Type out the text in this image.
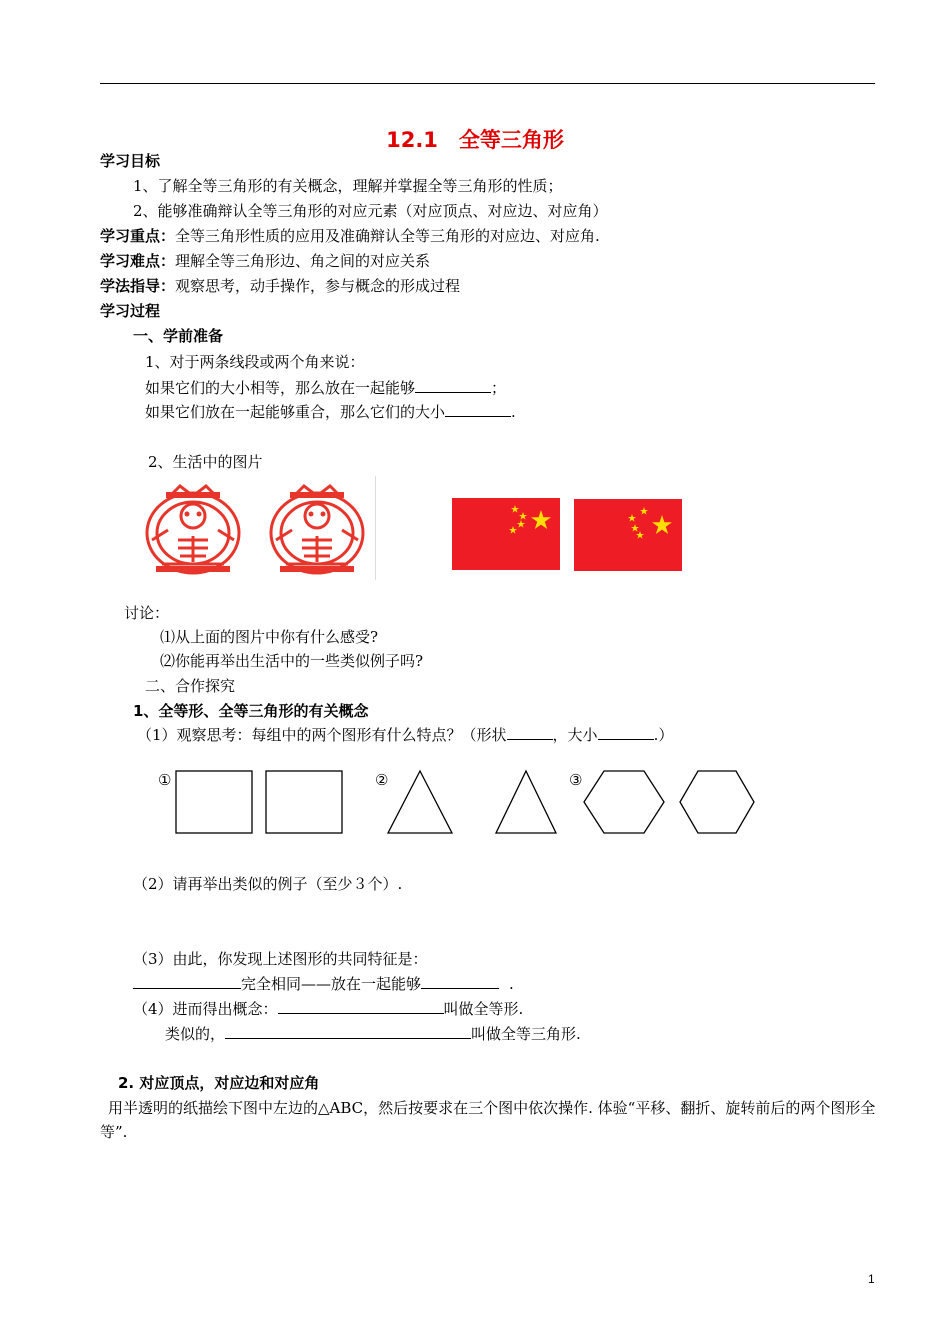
12.1　全等三角形
学习目标
1、了解全等三角形的有关概念，理解并掌握全等三角形的性质；
2、能够准确辩认全等三角形的对应元素（对应顶点、对应边、对应角）
学习重点：全等三角形性质的应用及准确辩认全等三角形的对应边、对应角.
学习难点：理解全等三角形边、角之间的对应关系
学法指导：观察思考，动手操作，参与概念的形成过程
学习过程
一、学前准备
1、对于两条线段或两个角来说：
如果它们的大小相等，那么放在一起能够	；
如果它们放在一起能够重合，那么它们的大小	.
2、生活中的图片
讨论：
⑴从上面的图片中你有什么感受?
⑵你能再举出生活中的一些类似例子吗?
二、合作探究
1、全等形、全等三角形的有关概念
（1）观察思考：每组中的两个图形有什么特点？（形状	，大小	.）
①	②	③
（2）请再举出类似的例子（至少３个）.
（3）由此，你发现上述图形的共同特征是：
完全相同——放在一起能够	.
（4）进而得出概念：	叫做全等形.
类似的，	叫做全等三角形.
2. 对应顶点，对应边和对应角
用半透明的纸描绘下图中左边的△ABC，然后按要求在三个图中依次操作. 体验“平移、翻折、旋转前后的两个图形全等”.
1
